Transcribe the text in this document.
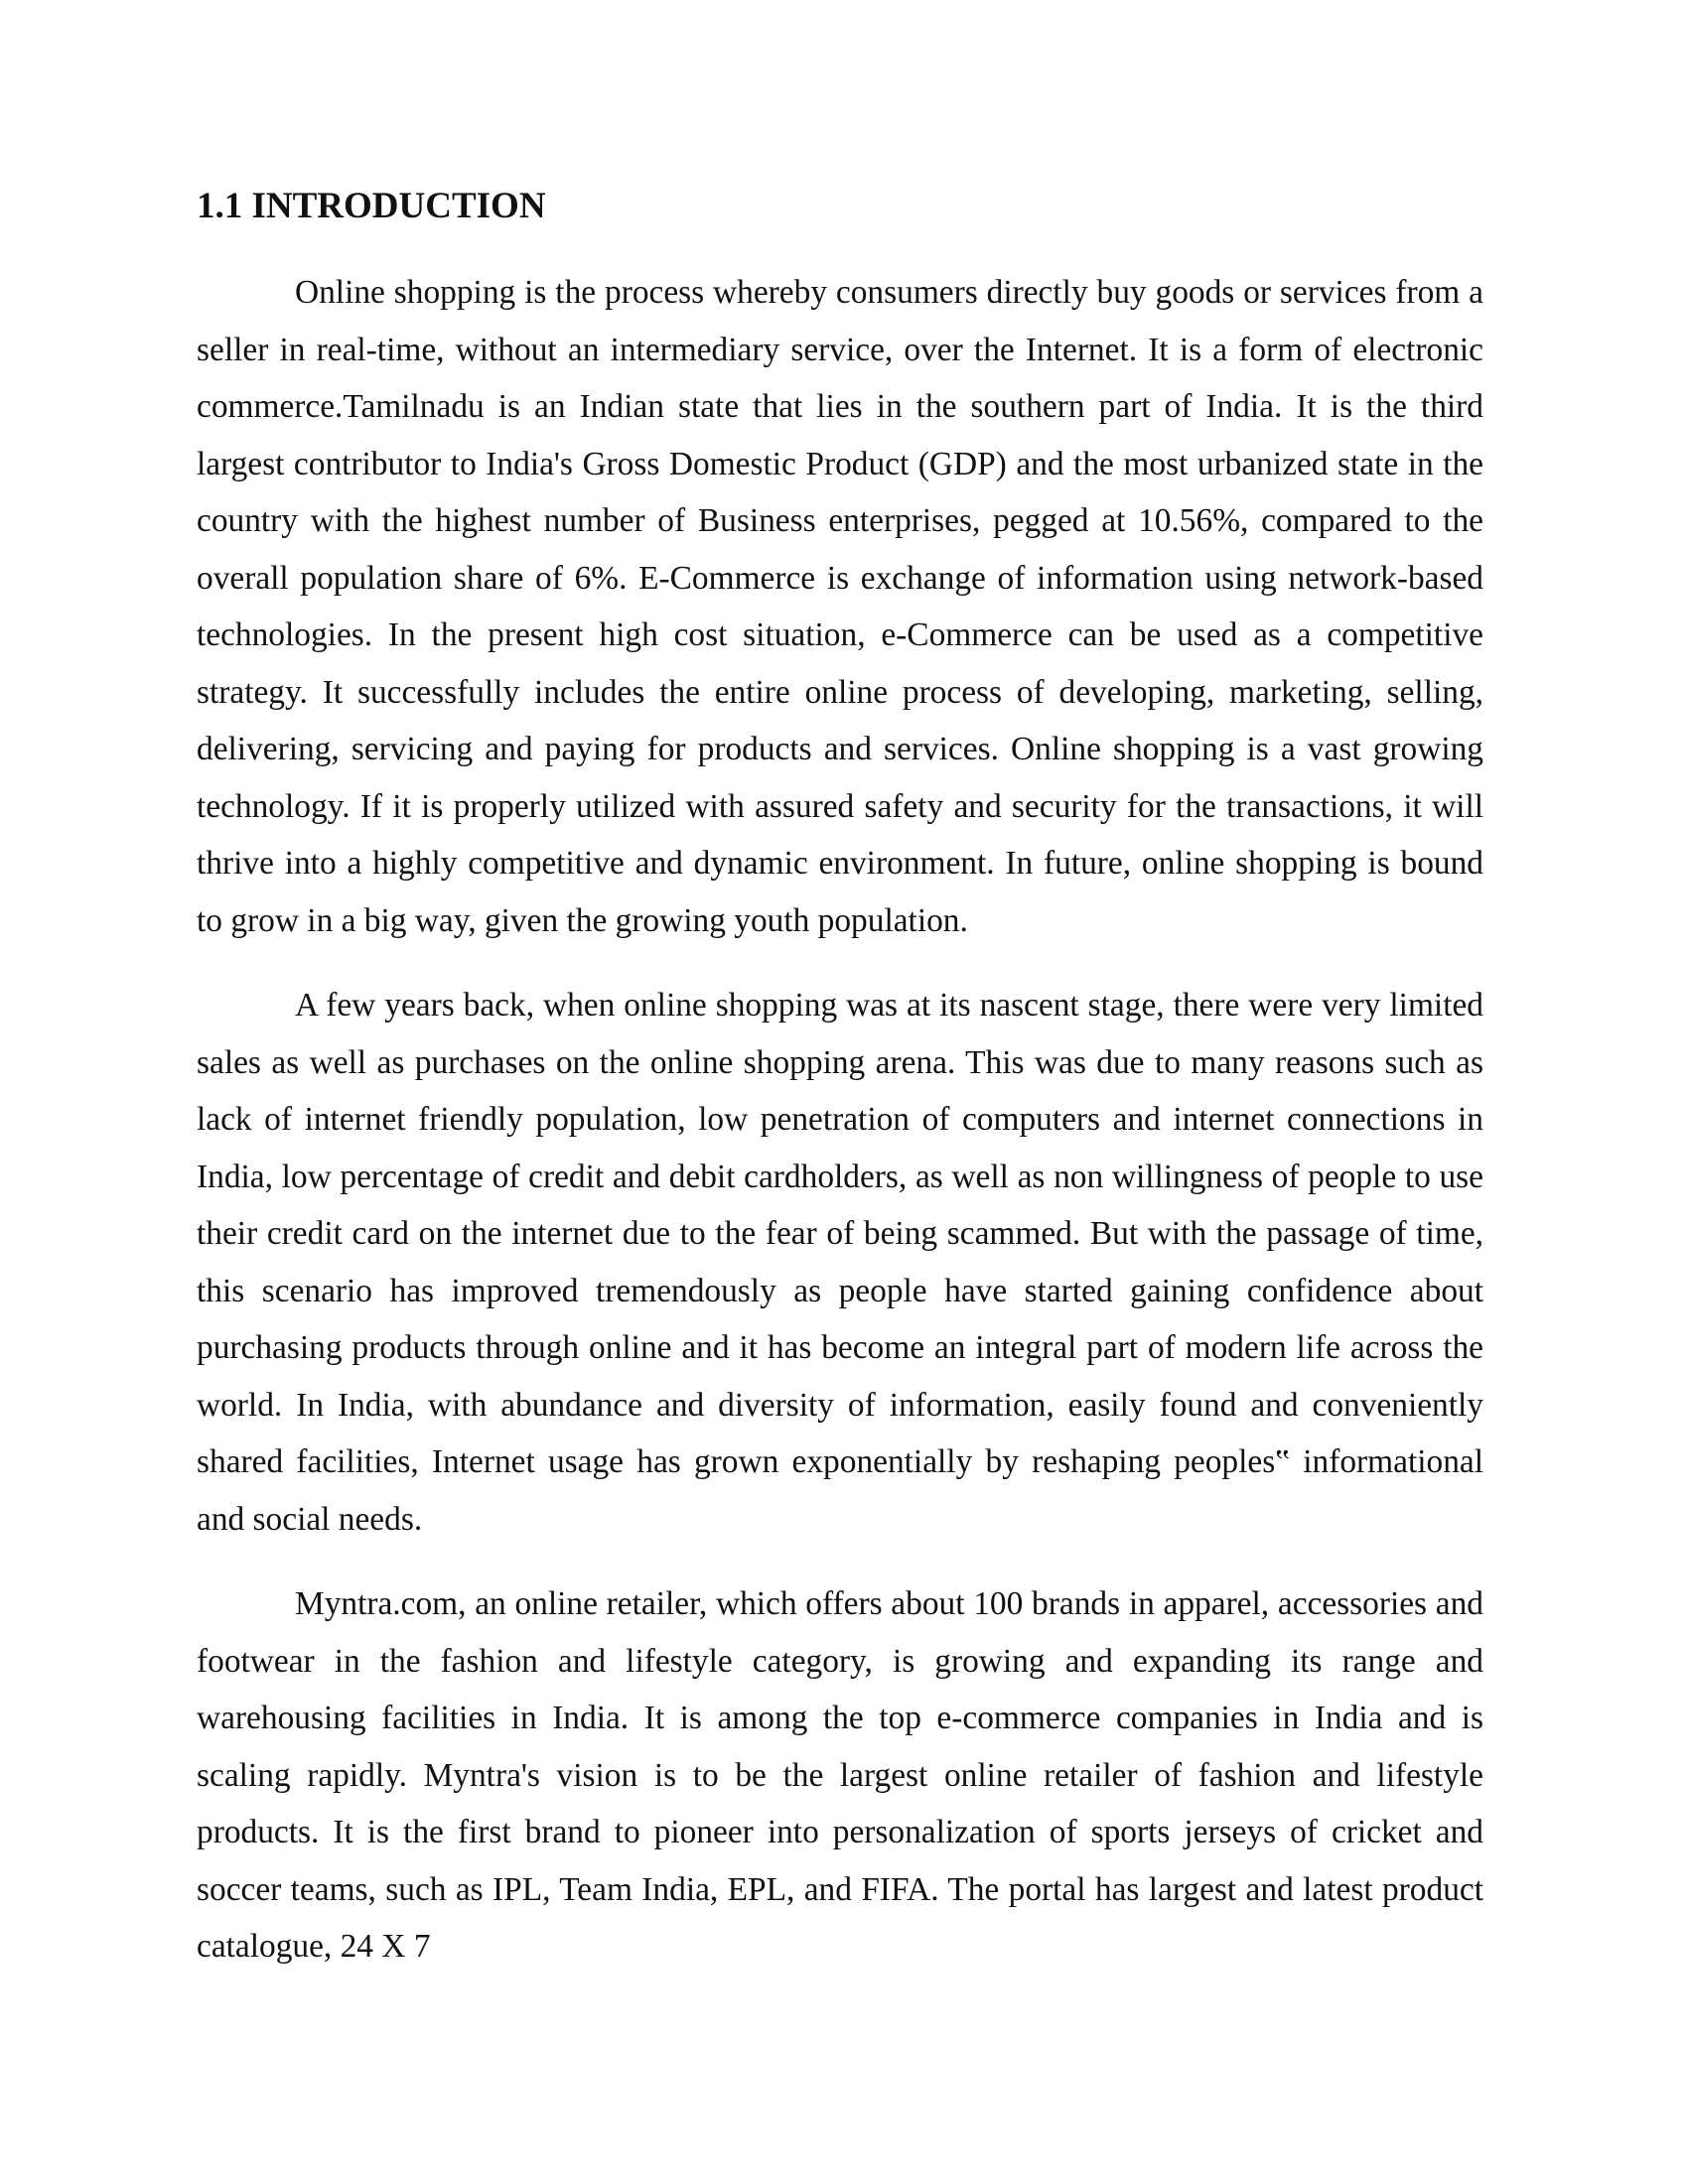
1.1 INTRODUCTION

Online shopping is the process whereby consumers directly buy goods or services from a seller in real-time, without an intermediary service, over the Internet. It is a form of electronic commerce.Tamilnadu is an Indian state that lies in the southern part of India. It is the third largest contributor to India's Gross Domestic Product (GDP) and the most urbanized state in the country with the highest number of Business enterprises, pegged at 10.56%, compared to the overall population share of 6%. E-Commerce is exchange of information using network-based technologies. In the present high cost situation, e-Commerce can be used as a competitive strategy. It successfully includes the entire online process of developing, marketing, selling, delivering, servicing and paying for products and services. Online shopping is a vast growing technology. If it is properly utilized with assured safety and security for the transactions, it will thrive into a highly competitive and dynamic environment. In future, online shopping is bound to grow in a big way, given the growing youth population.

A few years back, when online shopping was at its nascent stage, there were very limited sales as well as purchases on the online shopping arena. This was due to many reasons such as lack of internet friendly population, low penetration of computers and internet connections in India, low percentage of credit and debit cardholders, as well as non willingness of people to use their credit card on the internet due to the fear of being scammed. But with the passage of time, this scenario has improved tremendously as people have started gaining confidence about purchasing products through online and it has become an integral part of modern life across the world. In India, with abundance and diversity of information, easily found and conveniently shared facilities, Internet usage has grown exponentially by reshaping peoples‟ informational and social needs.

Myntra.com, an online retailer, which offers about 100 brands in apparel, accessories and footwear in the fashion and lifestyle category, is growing and expanding its range and warehousing facilities in India. It is among the top e-commerce companies in India and is scaling rapidly. Myntra's vision is to be the largest online retailer of fashion and lifestyle products. It is the first brand to pioneer into personalization of sports jerseys of cricket and soccer teams, such as IPL, Team India, EPL, and FIFA. The portal has largest and latest product catalogue, 24 X 7
